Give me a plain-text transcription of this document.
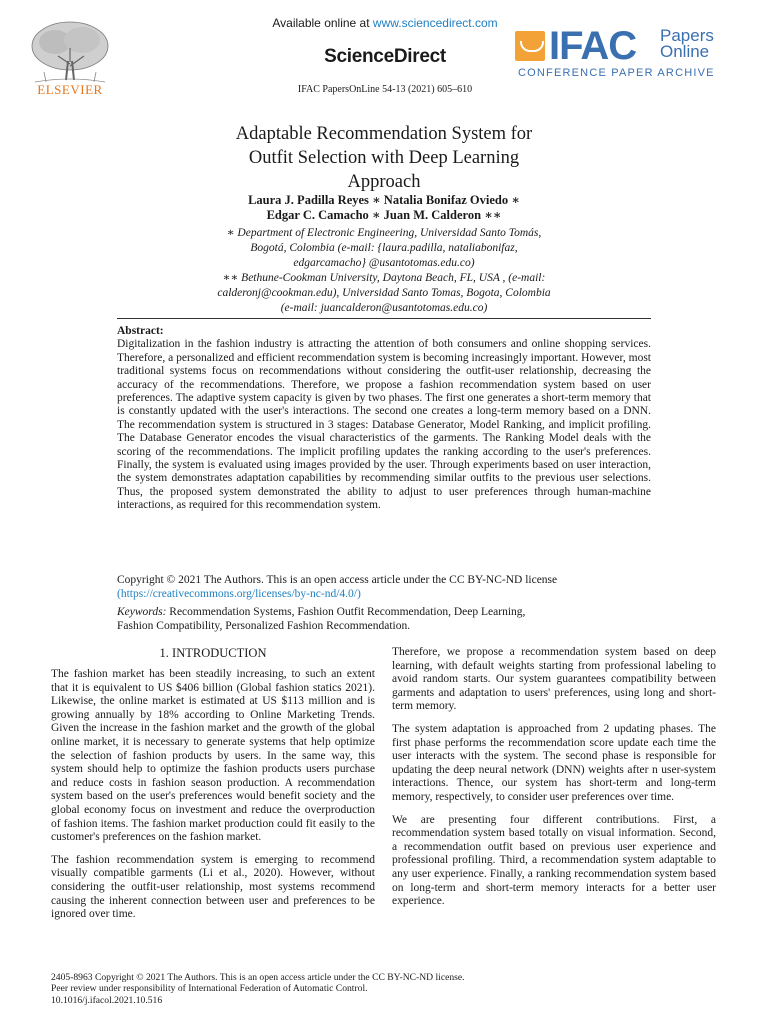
ELSEVIER
Available online at www.sciencedirect.com
ScienceDirect
IFAC PapersOnLine 54-13 (2021) 605–610
IFAC Papers
Online
CONFERENCE PAPER ARCHIVE
Adaptable Recommendation System for
Outfit Selection with Deep Learning
Approach
Laura J. Padilla Reyes ∗ Natalia Bonifaz Oviedo ∗
Edgar C. Camacho ∗ Juan M. Calderon ∗∗
∗ Department of Electronic Engineering, Universidad Santo Tomás,
Bogotá, Colombia (e-mail: {laura.padilla, nataliabonifaz,
edgarcamacho} @usantotomas.edu.co)
∗∗ Bethune-Cookman University, Daytona Beach, FL, USA , (e-mail:
calderonj@cookman.edu), Universidad Santo Tomas, Bogota, Colombia
(e-mail: juancalderon@usantotomas.edu.co)
Abstract:
Digitalization in the fashion industry is attracting the attention of both consumers and online shopping services. Therefore, a personalized and efficient recommendation system is becoming increasingly important. However, most traditional systems focus on recommendations without considering the outfit-user relationship, decreasing the accuracy of the recommendations. Therefore, we propose a fashion recommendation system based on user preferences. The adaptive system capacity is given by two phases. The first one generates a short-term memory that is constantly updated with the user's interactions. The second one creates a long-term memory based on a DNN. The recommendation system is structured in 3 stages: Database Generator, Model Ranking, and implicit profiling. The Database Generator encodes the visual characteristics of the garments. The Ranking Model deals with the scoring of the recommendations. The implicit profiling updates the ranking according to the user's preferences. Finally, the system is evaluated using images provided by the user. Through experiments based on user interaction, the system demonstrates adaptation capabilities by recommending similar outfits to the previous user selections. Thus, the proposed system demonstrated the ability to adjust to user preferences through human-machine interactions, as required for this recommendation system.
Copyright © 2021 The Authors. This is an open access article under the CC BY-NC-ND license
(https://creativecommons.org/licenses/by-nc-nd/4.0/)
Keywords: Recommendation Systems, Fashion Outfit Recommendation, Deep Learning,
Fashion Compatibility, Personalized Fashion Recommendation.
1. INTRODUCTION

The fashion market has been steadily increasing, to such an extent that it is equivalent to US $406 billion (Global fashion statics 2021). Likewise, the online market is estimated at US $113 million and is growing annually by 18% according to Online Marketing Trends. Given the increase in the fashion market and the growth of the global online market, it is necessary to generate systems that help optimize the selection of fashion products by users. In the same way, this system should help to optimize the fashion products users purchase and reduce costs in fashion season production. A recommendation system based on the user's preferences would benefit society and the global economy focus on investment and reduce the overproduction of fashion items. The fashion market production could fit easily to the customer's preferences on the fashion market.

The fashion recommendation system is emerging to recommend visually compatible garments (Li et al., 2020). However, without considering the outfit-user relationship, most systems recommend causing the inherent connection between user and preferences to be ignored over time.

Therefore, we propose a recommendation system based on deep learning, with default weights starting from professional labeling to avoid random starts. Our system guarantees compatibility between garments and adaptation to users' preferences, using long and short-term memory.

The system adaptation is approached from 2 updating phases. The first phase performs the recommendation score update each time the user interacts with the system. The second phase is responsible for updating the deep neural network (DNN) weights after n user-system interactions. Thence, our system has short-term and long-term memory, respectively, to consider user preferences over time.

We are presenting four different contributions. First, a recommendation system based totally on visual information. Second, a recommendation outfit based on previous user experience and professional profiling. Third, a recommendation system adaptable to any user experience. Finally, a ranking recommendation system based on long-term and short-term memory interacts for a better user experience.

2405-8963 Copyright © 2021 The Authors. This is an open access article under the CC BY-NC-ND license.
Peer review under responsibility of International Federation of Automatic Control.
10.1016/j.ifacol.2021.10.516
